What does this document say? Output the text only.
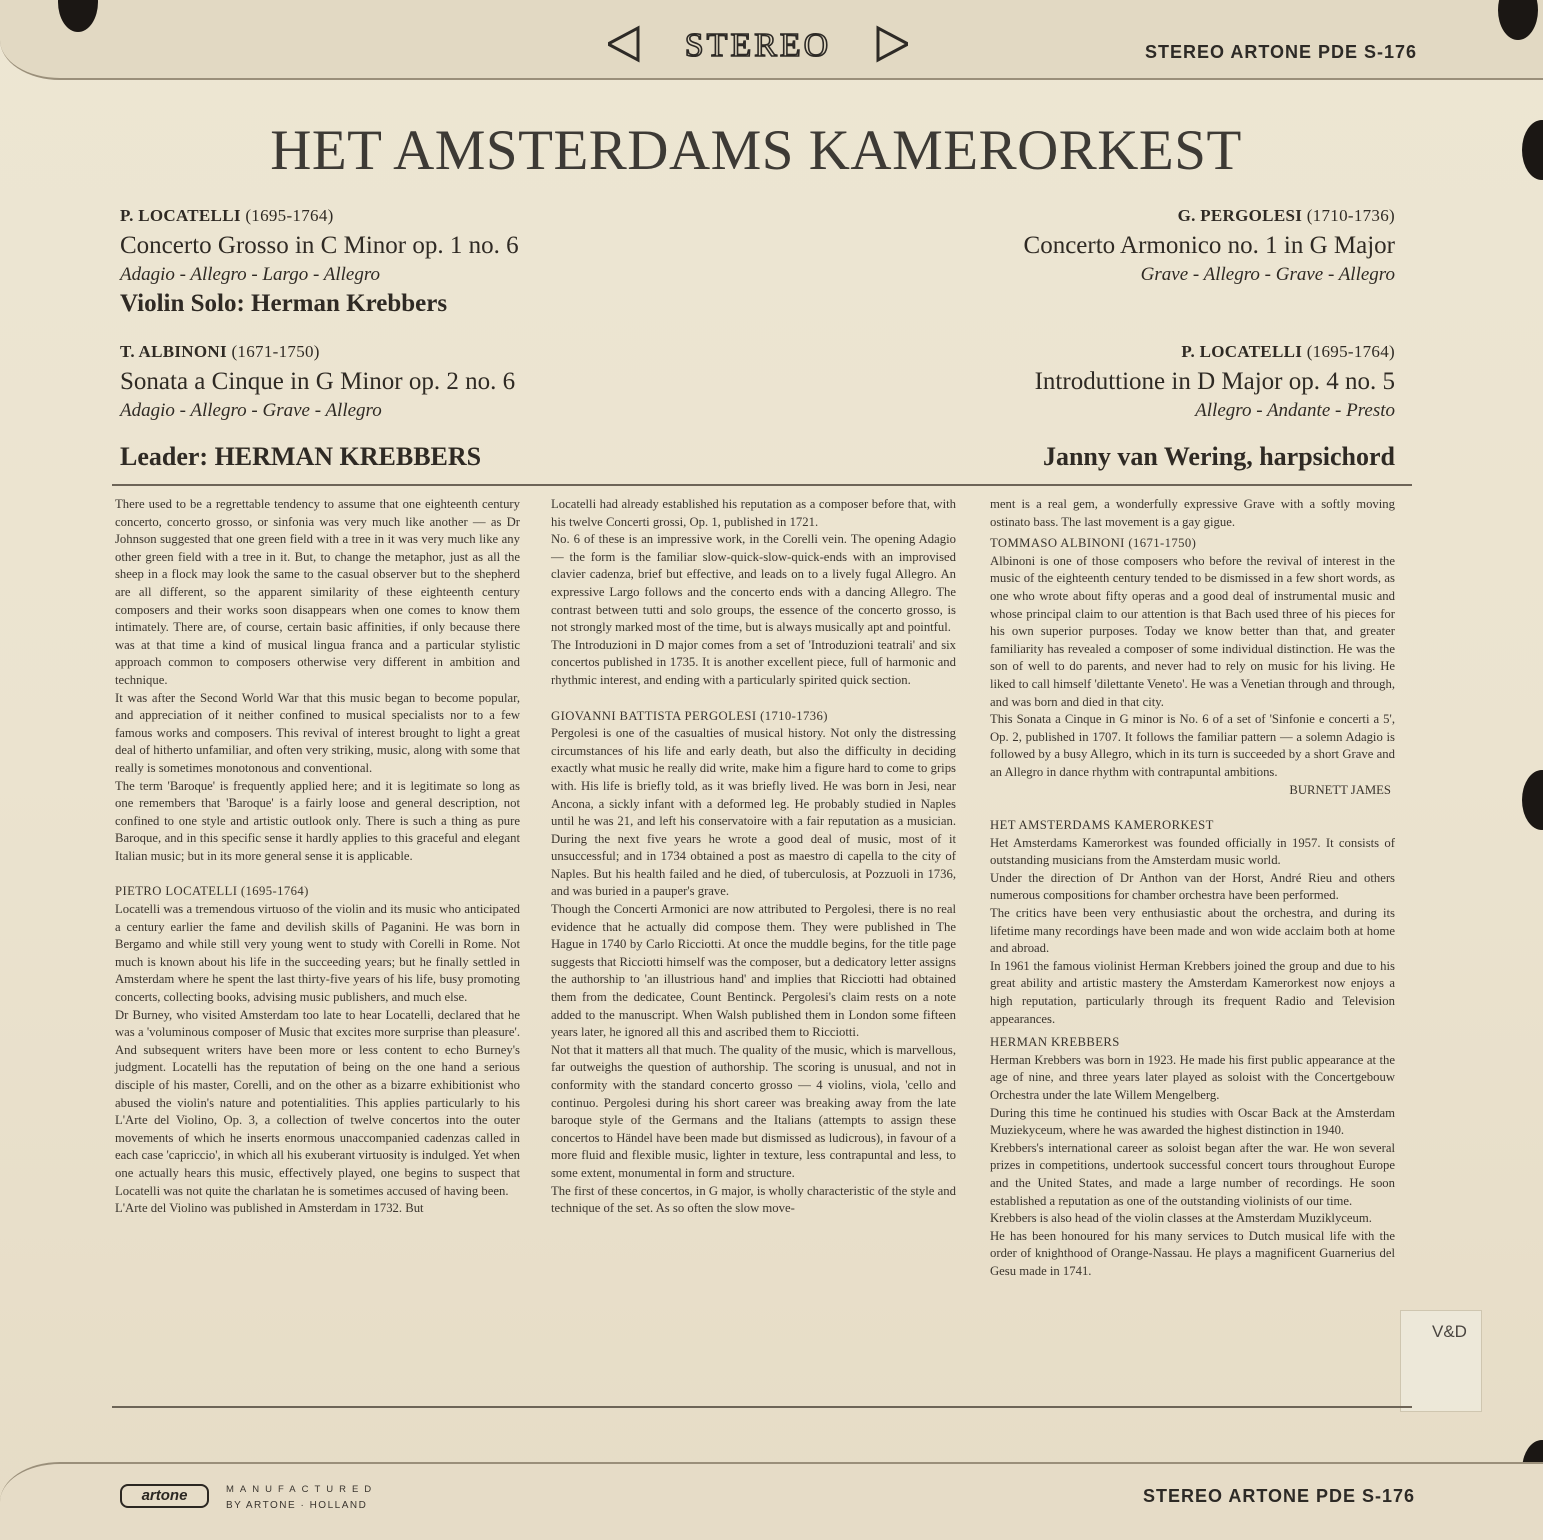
STEREO	STEREO ARTONE PDE S-176
HET AMSTERDAMS KAMERORKEST
P. LOCATELLI (1695-1764)
Concerto Grosso in C Minor op. 1 no. 6
Adagio - Allegro - Largo - Allegro
Violin Solo: Herman Krebbers
T. ALBINONI (1671-1750)
Sonata a Cinque in G Minor op. 2 no. 6
Adagio - Allegro - Grave - Allegro
G. PERGOLESI (1710-1736)
Concerto Armonico no. 1 in G Major
Grave - Allegro - Grave - Allegro
P. LOCATELLI (1695-1764)
Introduttione in D Major op. 4 no. 5
Allegro - Andante - Presto
Leader: HERMAN KREBBERS	Janny van Wering, harpsichord

There used to be a regrettable tendency to assume that one eighteenth century concerto, concerto grosso, or sinfonia was very much like another — as Dr Johnson suggested that one green field with a tree in it was very much like any other green field with a tree in it. But, to change the metaphor, just as all the sheep in a flock may look the same to the casual observer but to the shepherd are all different, so the apparent similarity of these eighteenth century composers and their works soon disappears when one comes to know them intimately. There are, of course, certain basic affinities, if only because there was at that time a kind of musical lingua franca and a particular stylistic approach common to composers otherwise very different in ambition and technique.

It was after the Second World War that this music began to become popular, and appreciation of it neither confined to musical specialists nor to a few famous works and composers. This revival of interest brought to light a great deal of hitherto unfamiliar, and often very striking, music, along with some that really is sometimes monotonous and conventional.

The term 'Baroque' is frequently applied here; and it is legitimate so long as one remembers that 'Baroque' is a fairly loose and general description, not confined to one style and artistic outlook only. There is such a thing as pure Baroque, and in this specific sense it hardly applies to this graceful and elegant Italian music; but in its more general sense it is applicable.

PIETRO LOCATELLI (1695-1764)

Locatelli was a tremendous virtuoso of the violin and its music who anticipated a century earlier the fame and devilish skills of Paganini. He was born in Bergamo and while still very young went to study with Corelli in Rome. Not much is known about his life in the succeeding years; but he finally settled in Amsterdam where he spent the last thirty-five years of his life, busy promoting concerts, collecting books, advising music publishers, and much else.

Dr Burney, who visited Amsterdam too late to hear Locatelli, declared that he was a 'voluminous composer of Music that excites more surprise than pleasure'. And subsequent writers have been more or less content to echo Burney's judgment. Locatelli has the reputation of being on the one hand a serious disciple of his master, Corelli, and on the other as a bizarre exhibitionist who abused the violin's nature and potentialities. This applies particularly to his L'Arte del Violino, Op. 3, a collection of twelve concertos into the outer movements of which he inserts enormous unaccompanied cadenzas called in each case 'capriccio', in which all his exuberant virtuosity is indulged. Yet when one actually hears this music, effectively played, one begins to suspect that Locatelli was not quite the charlatan he is sometimes accused of having been.

L'Arte del Violino was published in Amsterdam in 1732. But

Locatelli had already established his reputation as a composer before that, with his twelve Concerti grossi, Op. 1, published in 1721.

No. 6 of these is an impressive work, in the Corelli vein. The opening Adagio — the form is the familiar slow-quick-slow-quick-ends with an improvised clavier cadenza, brief but effective, and leads on to a lively fugal Allegro. An expressive Largo follows and the concerto ends with a dancing Allegro. The contrast between tutti and solo groups, the essence of the concerto grosso, is not strongly marked most of the time, but is always musically apt and pointful.

The Introduzioni in D major comes from a set of 'Introduzioni teatrali' and six concertos published in 1735. It is another excellent piece, full of harmonic and rhythmic interest, and ending with a particularly spirited quick section.

GIOVANNI BATTISTA PERGOLESI (1710-1736)

Pergolesi is one of the casualties of musical history. Not only the distressing circumstances of his life and early death, but also the difficulty in deciding exactly what music he really did write, make him a figure hard to come to grips with. His life is briefly told, as it was briefly lived. He was born in Jesi, near Ancona, a sickly infant with a deformed leg. He probably studied in Naples until he was 21, and left his conservatoire with a fair reputation as a musician. During the next five years he wrote a good deal of music, most of it unsuccessful; and in 1734 obtained a post as maestro di capella to the city of Naples. But his health failed and he died, of tuberculosis, at Pozzuoli in 1736, and was buried in a pauper's grave.

Though the Concerti Armonici are now attributed to Pergolesi, there is no real evidence that he actually did compose them. They were published in The Hague in 1740 by Carlo Ricciotti. At once the muddle begins, for the title page suggests that Ricciotti himself was the composer, but a dedicatory letter assigns the authorship to 'an illustrious hand' and implies that Ricciotti had obtained them from the dedicatee, Count Bentinck. Pergolesi's claim rests on a note added to the manuscript. When Walsh published them in London some fifteen years later, he ignored all this and ascribed them to Ricciotti.

Not that it matters all that much. The quality of the music, which is marvellous, far outweighs the question of authorship. The scoring is unusual, and not in conformity with the standard concerto grosso — 4 violins, viola, 'cello and continuo. Pergolesi during his short career was breaking away from the late baroque style of the Germans and the Italians (attempts to assign these concertos to Händel have been made but dismissed as ludicrous), in favour of a more fluid and flexible music, lighter in texture, less contrapuntal and less, to some extent, monumental in form and structure.

The first of these concertos, in G major, is wholly characteristic of the style and technique of the set. As so often the slow move-

ment is a real gem, a wonderfully expressive Grave with a softly moving ostinato bass. The last movement is a gay gigue.

TOMMASO ALBINONI (1671-1750)

Albinoni is one of those composers who before the revival of interest in the music of the eighteenth century tended to be dismissed in a few short words, as one who wrote about fifty operas and a good deal of instrumental music and whose principal claim to our attention is that Bach used three of his pieces for his own superior purposes. Today we know better than that, and greater familiarity has revealed a composer of some individual distinction. He was the son of well to do parents, and never had to rely on music for his living. He liked to call himself 'dilettante Veneto'. He was a Venetian through and through, and was born and died in that city.

This Sonata a Cinque in G minor is No. 6 of a set of 'Sinfonie e concerti a 5', Op. 2, published in 1707. It follows the familiar pattern — a solemn Adagio is followed by a busy Allegro, which in its turn is succeeded by a short Grave and an Allegro in dance rhythm with contrapuntal ambitions.

BURNETT JAMES

HET AMSTERDAMS KAMERORKEST

Het Amsterdams Kamerorkest was founded officially in 1957. It consists of outstanding musicians from the Amsterdam music world.

Under the direction of Dr Anthon van der Horst, André Rieu and others numerous compositions for chamber orchestra have been performed.

The critics have been very enthusiastic about the orchestra, and during its lifetime many recordings have been made and won wide acclaim both at home and abroad.

In 1961 the famous violinist Herman Krebbers joined the group and due to his great ability and artistic mastery the Amsterdam Kamerorkest now enjoys a high reputation, particularly through its frequent Radio and Television appearances.

HERMAN KREBBERS

Herman Krebbers was born in 1923. He made his first public appearance at the age of nine, and three years later played as soloist with the Concertgebouw Orchestra under the late Willem Mengelberg.

During this time he continued his studies with Oscar Back at the Amsterdam Muziekyceum, where he was awarded the highest distinction in 1940.

Krebbers's international career as soloist began after the war. He won several prizes in competitions, undertook successful concert tours throughout Europe and the United States, and made a large number of recordings. He soon established a reputation as one of the outstanding violinists of our time.

Krebbers is also head of the violin classes at the Amsterdam Muziklyceum.

He has been honoured for his many services to Dutch musical life with the order of knighthood of Orange-Nassau. He plays a magnificent Guarnerius del Gesu made in 1741.

V&D
artone	MANUFACTURED
BY ARTONE · HOLLAND	STEREO ARTONE PDE S-176
